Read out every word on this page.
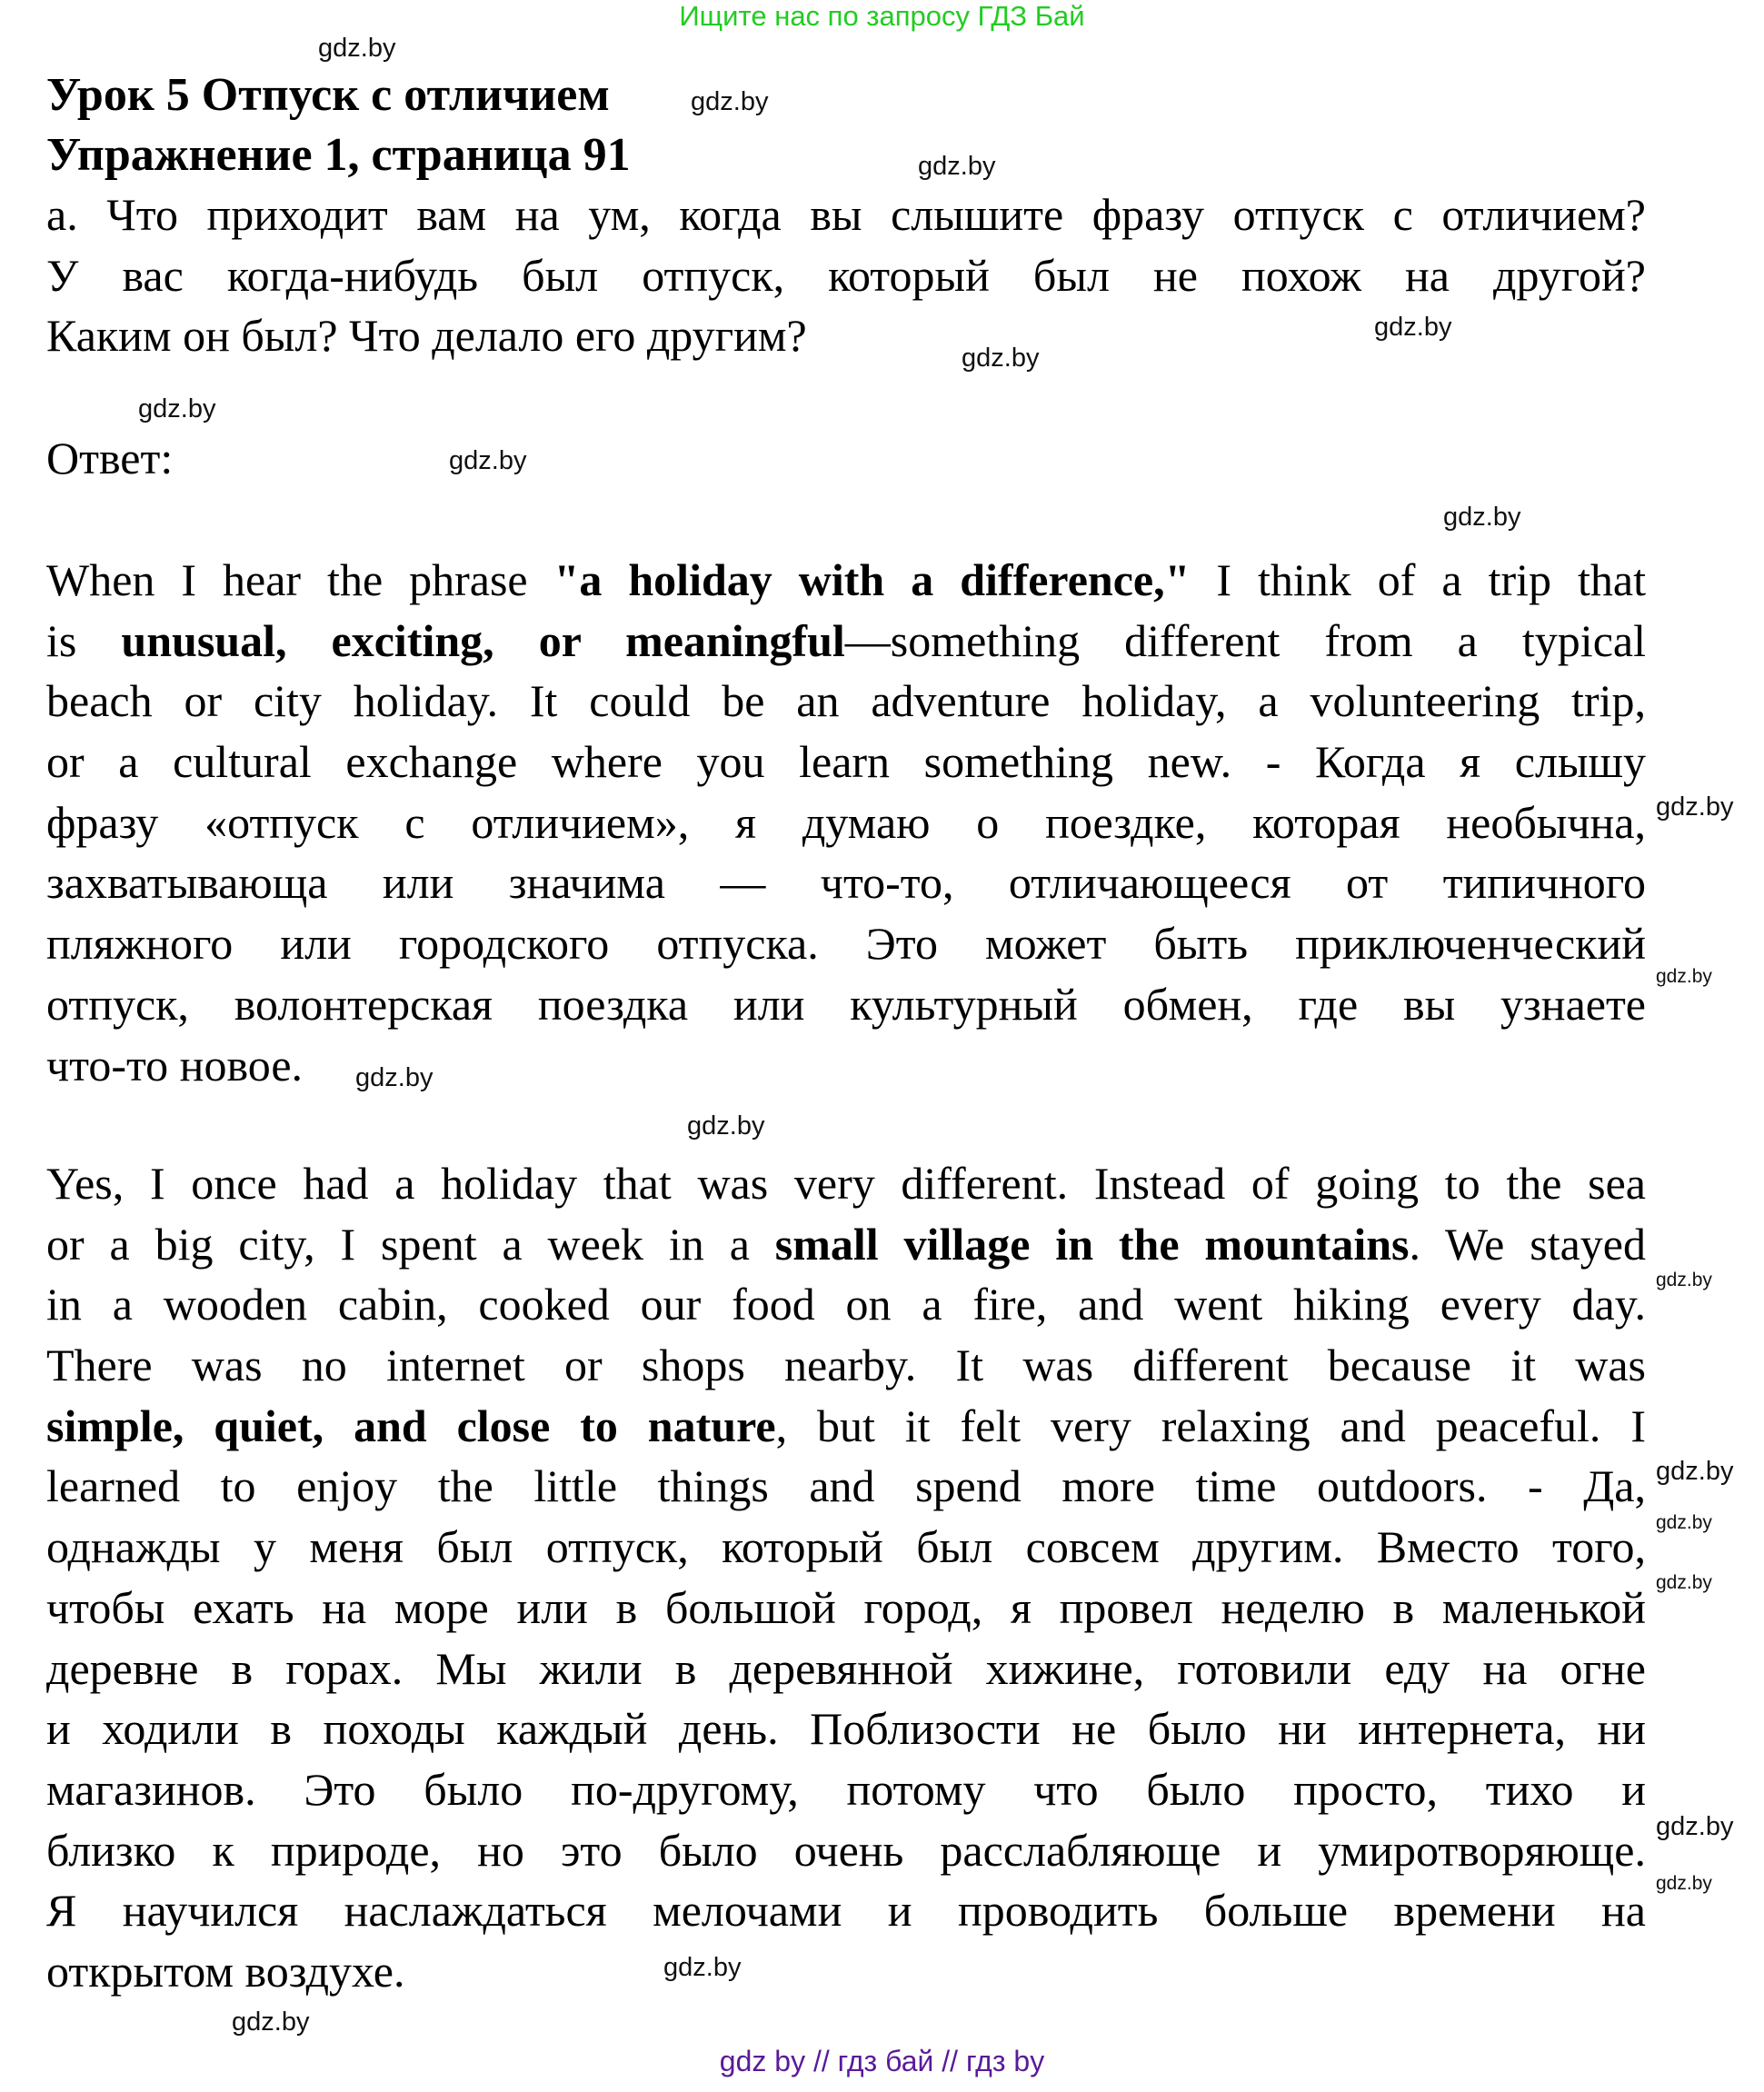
Ищите нас по запросу ГДЗ Бай
Урок 5 Отпуск с отличием
Упражнение 1, страница 91
а. Что приходит вам на ум, когда вы слышите фразу отпуск с отличием?
У вас когда-нибудь был отпуск, который был не похож на другой?
Каким он был? Что делало его другим?
Ответ:
When I hear the phrase "a holiday with a difference," I think of a trip that
is unusual, exciting, or meaningful—something different from a typical
beach or city holiday. It could be an adventure holiday, a volunteering trip,
or a cultural exchange where you learn something new. - Когда я слышу
фразу «отпуск с отличием», я думаю о поездке, которая необычна,
захватывающа или значима — что-то, отличающееся от типичного
пляжного или городского отпуска. Это может быть приключенческий
отпуск, волонтерская поездка или культурный обмен, где вы узнаете
что-то новое.
Yes, I once had a holiday that was very different. Instead of going to the sea
or a big city, I spent a week in a small village in the mountains. We stayed
in a wooden cabin, cooked our food on a fire, and went hiking every day.
There was no internet or shops nearby. It was different because it was
simple, quiet, and close to nature, but it felt very relaxing and peaceful. I
learned to enjoy the little things and spend more time outdoors. - Да,
однажды у меня был отпуск, который был совсем другим. Вместо того,
чтобы ехать на море или в большой город, я провел неделю в маленькой
деревне в горах. Мы жили в деревянной хижине, готовили еду на огне
и ходили в походы каждый день. Поблизости не было ни интернета, ни
магазинов. Это было по-другому, потому что было просто, тихо и
близко к природе, но это было очень расслабляюще и умиротворяюще.
Я научился наслаждаться мелочами и проводить больше времени на
открытом воздухе.
gdz.by
gdz.by
gdz.by
gdz.by
gdz.by
gdz.by
gdz.by
gdz.by
gdz.by
gdz.by
gdz.by
gdz.by
gdz.by
gdz.by
gdz.by
gdz.by
gdz.by
gdz.by
gdz.by
gdz.by
gdz by // гдз бай // гдз by
